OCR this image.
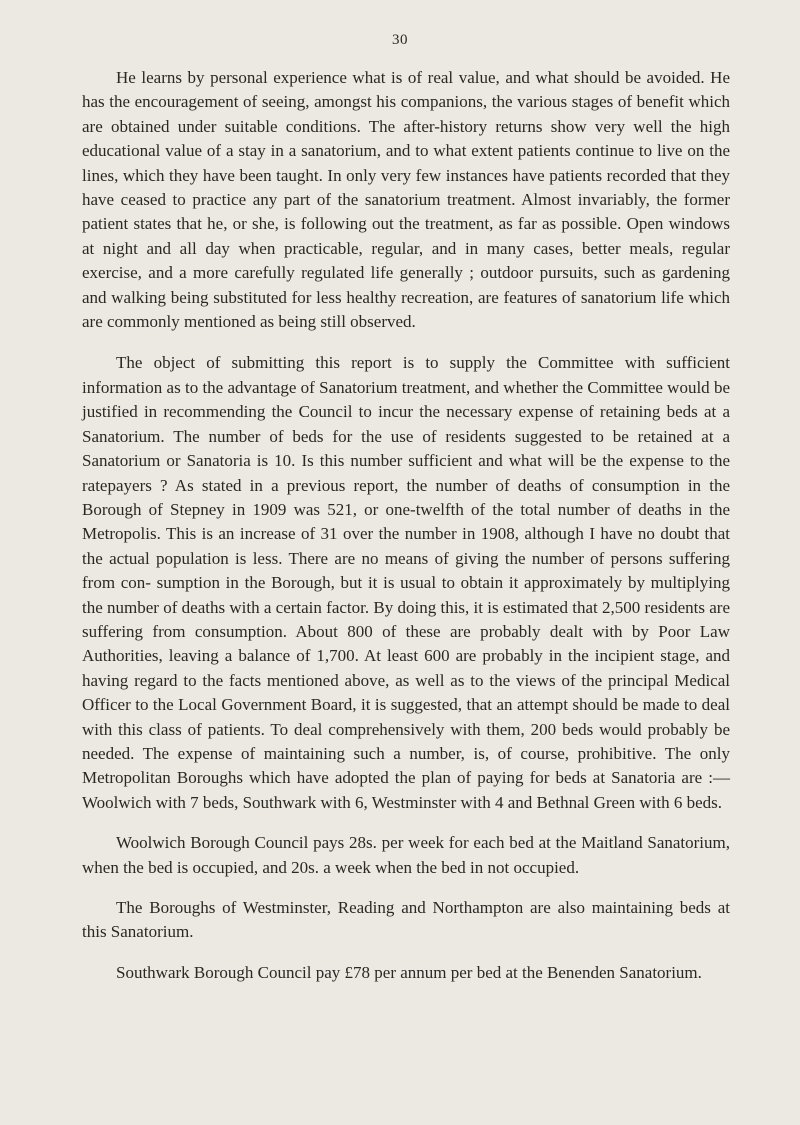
30

He learns by personal experience what is of real value, and what should be avoided. He has the encouragement of seeing, amongst his companions, the various stages of benefit which are obtained under suitable conditions. The after-history returns show very well the high educational value of a stay in a sanatorium, and to what extent patients continue to live on the lines, which they have been taught. In only very few instances have patients recorded that they have ceased to practice any part of the sanatorium treatment. Almost invariably, the former patient states that he, or she, is following out the treatment, as far as possible. Open windows at night and all day when practicable, regular, and in many cases, better meals, regular exercise, and a more carefully regulated life generally ; outdoor pursuits, such as gardening and walking being substituted for less healthy recreation, are features of sanatorium life which are commonly mentioned as being still observed.

The object of submitting this report is to supply the Committee with sufficient information as to the advantage of Sanatorium treatment, and whether the Committee would be justified in recommending the Council to incur the necessary expense of retaining beds at a Sanatorium. The number of beds for the use of residents suggested to be retained at a Sanatorium or Sanatoria is 10. Is this number sufficient and what will be the expense to the ratepayers ? As stated in a previous report, the number of deaths of consumption in the Borough of Stepney in 1909 was 521, or one-twelfth of the total number of deaths in the Metropolis. This is an increase of 31 over the number in 1908, although I have no doubt that the actual population is less. There are no means of giving the number of persons suffering from con- sumption in the Borough, but it is usual to obtain it approximately by multiplying the number of deaths with a certain factor. By doing this, it is estimated that 2,500 residents are suffering from consumption. About 800 of these are probably dealt with by Poor Law Authorities, leaving a balance of 1,700. At least 600 are probably in the incipient stage, and having regard to the facts mentioned above, as well as to the views of the principal Medical Officer to the Local Government Board, it is suggested, that an attempt should be made to deal with this class of patients. To deal comprehensively with them, 200 beds would probably be needed. The expense of maintaining such a number, is, of course, prohibitive. The only Metropolitan Boroughs which have adopted the plan of paying for beds at Sanatoria are :— Woolwich with 7 beds, Southwark with 6, Westminster with 4 and Bethnal Green with 6 beds.

Woolwich Borough Council pays 28s. per week for each bed at the Maitland Sanatorium, when the bed is occupied, and 20s. a week when the bed in not occupied.

The Boroughs of Westminster, Reading and Northampton are also maintaining beds at this Sanatorium.

Southwark Borough Council pay £78 per annum per bed at the Benenden Sanatorium.
